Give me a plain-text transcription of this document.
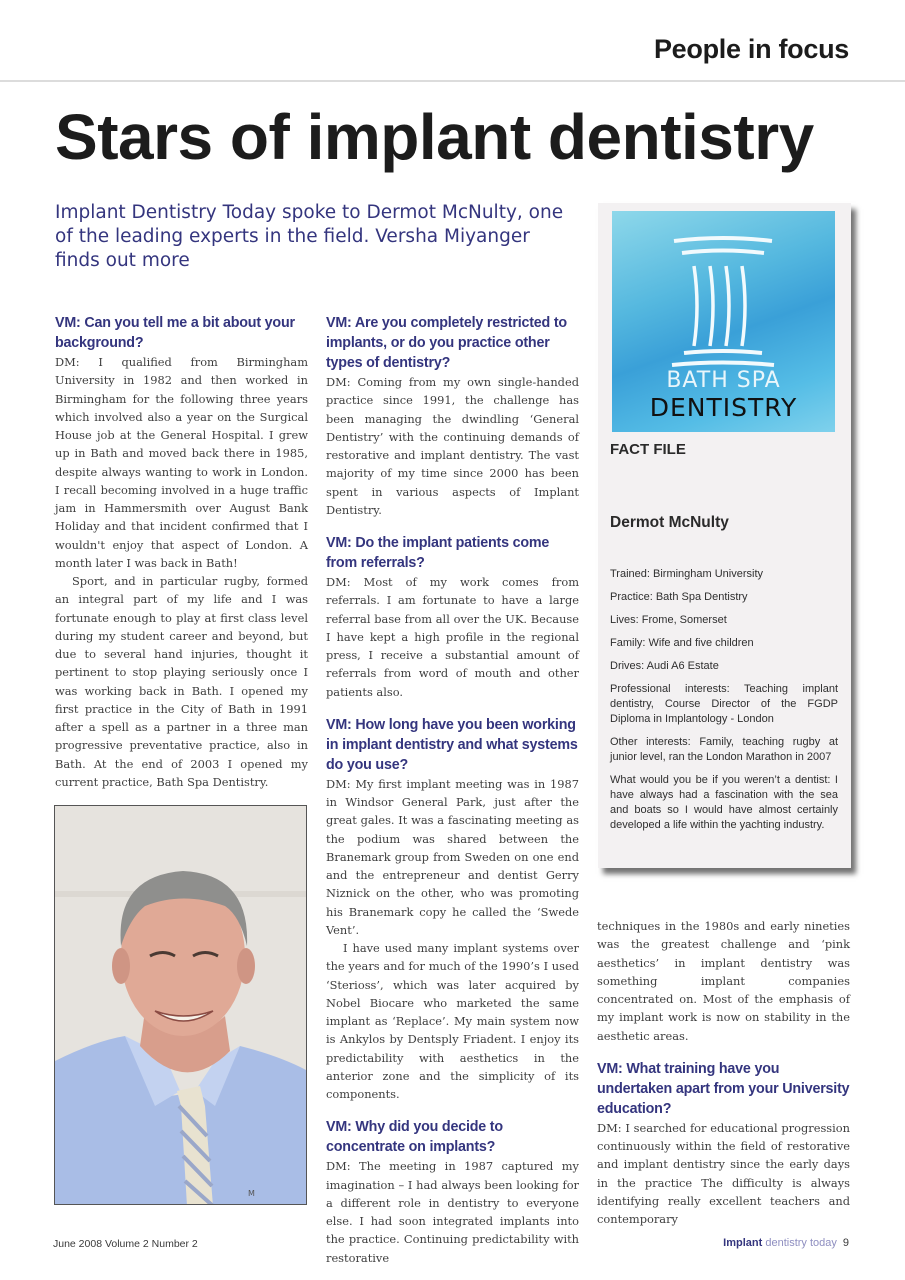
People in focus
Stars of implant dentistry
Implant Dentistry Today spoke to Dermot McNulty, one of the leading experts in the field. Versha Miyanger finds out more
VM: Can you tell me a bit about your background?

DM: I qualified from Birmingham University in 1982 and then worked in Birmingham for the following three years which involved also a year on the Surgical House job at the General Hospital. I grew up in Bath and moved back there in 1985, despite always wanting to work in London. I recall becoming involved in a huge traffic jam in Hammersmith over August Bank Holiday and that incident confirmed that I wouldn't enjoy that aspect of London. A month later I was back in Bath!

Sport, and in particular rugby, formed an integral part of my life and I was fortunate enough to play at first class level during my student career and beyond, but due to several hand injuries, thought it pertinent to stop playing seriously once I was working back in Bath. I opened my first practice in the City of Bath in 1991 after a spell as a partner in a three man progressive preventative practice, also in Bath. At the end of 2003 I opened my current practice, Bath Spa Dentistry.

M
VM: Are you completely restricted to implants, or do you practice other types of dentistry?

DM: Coming from my own single-handed practice since 1991, the challenge has been managing the dwindling ‘General Dentistry’ with the continuing demands of restorative and implant dentistry. The vast majority of my time since 2000 has been spent in various aspects of Implant Dentistry.

VM: Do the implant patients come from referrals?

DM: Most of my work comes from referrals. I am fortunate to have a large referral base from all over the UK. Because I have kept a high profile in the regional press, I receive a substantial amount of referrals from word of mouth and other patients also.

VM: How long have you been working in implant dentistry and what systems do you use?

DM: My first implant meeting was in 1987 in Windsor General Park, just after the great gales. It was a fascinating meeting as the podium was shared between the Branemark group from Sweden on one end and the entrepreneur and dentist Gerry Niznick on the other, who was promoting his Branemark copy he called the ‘Swede Vent’.

I have used many implant systems over the years and for much of the 1990’s I used ‘Sterioss’, which was later acquired by Nobel Biocare who marketed the same implant as ‘Replace’. My main system now is Ankylos by Dentsply Friadent. I enjoy its predictability with aesthetics in the anterior zone and the simplicity of its components.

VM: Why did you decide to concentrate on implants?

DM: The meeting in 1987 captured my imagination – I had always been looking for a different role in dentistry to everyone else. I had soon integrated implants into the practice. Continuing predictability with restorative

BATH SPA
DENTISTRY
FACT FILE
Dermot McNulty
Trained: Birmingham University
Practice: Bath Spa Dentistry
Lives: Frome, Somerset
Family: Wife and five children
Drives: Audi A6 Estate
Professional interests: Teaching implant dentistry, Course Director of the FGDP Diploma in Implantology - London
Other interests: Family, teaching rugby at junior level, ran the London Marathon in 2007
What would you be if you weren’t a dentist: I have always had a fascination with the sea and boats so I would have almost certainly developed a life within the yachting industry.

techniques in the 1980s and early nineties was the greatest challenge and ‘pink aesthetics’ in implant dentistry was something implant companies concentrated on. Most of the emphasis of my implant work is now on stability in the aesthetic areas.

VM: What training have you undertaken apart from your University education?

DM: I searched for educational progression continuously within the field of restorative and implant dentistry since the early days in the practice The difficulty is always identifying really excellent teachers and contemporary

June 2008 Volume 2 Number 2	Implant dentistry today 9
